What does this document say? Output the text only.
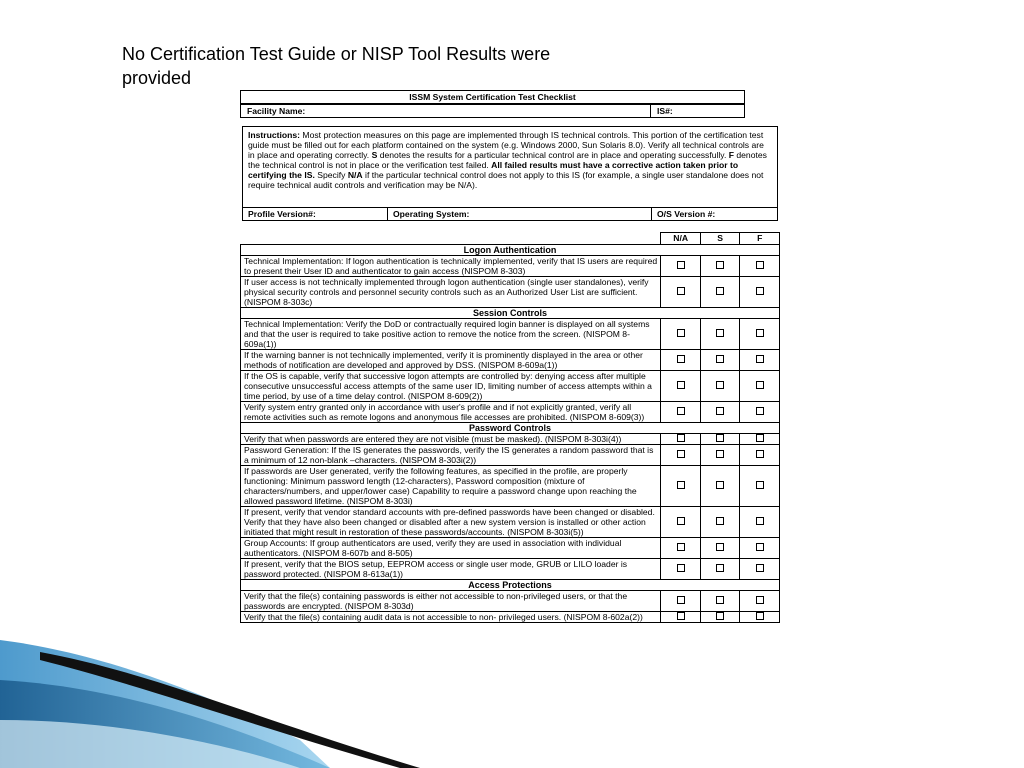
No Certification Test Guide or NISP Tool Results were provided
ISSM System Certification Test Checklist
Facility Name:	IS#:
Instructions: Most protection measures on this page are implemented through IS technical controls. This portion of the certification test guide must be filled out for each platform contained on the system (e.g. Windows 2000, Sun Solaris 8.0). Verify all technical controls are in place and operating correctly. S denotes the results for a particular technical control are in place and operating successfully. F denotes the technical control is not in place or the verification test failed. All failed results must have a corrective action taken prior to certifying the IS. Specify N/A if the particular technical control does not apply to this IS (for example, a single user standalone does not require technical audit controls and verification may be N/A).
Profile Version#:	Operating System:	O/S Version #:
	N/A	S	F
Logon Authentication			
Technical Implementation: If logon authentication is technically implemented, verify that IS users are required to present their User ID and authenticator to gain access (NISPOM 8-303)			
If user access is not technically implemented through logon authentication (single user standalones), verify physical security controls and personnel security controls such as an Authorized User List are sufficient. (NISPOM 8-303c)			
Session Controls			
Technical Implementation: Verify the DoD or contractually required login banner is displayed on all systems and that the user is required to take positive action to remove the notice from the screen. (NISPOM 8-609a(1))			
If the warning banner is not technically implemented, verify it is prominently displayed in the area or other methods of notification are developed and approved by DSS. (NISPOM 8-609a(1))			
If the OS is capable, verify that successive logon attempts are controlled by: denying access after multiple consecutive unsuccessful access attempts of the same user ID, limiting number of access attempts within a time period, by use of a time delay control. (NISPOM 8-609(2))			
Verify system entry granted only in accordance with user's profile and if not explicitly granted, verify all remote activities such as remote logons and anonymous file accesses are prohibited. (NISPOM 8-609(3))			
Password Controls			
Verify that when passwords are entered they are not visible (must be masked). (NISPOM 8-303i(4))			
Password Generation: If the IS generates the passwords, verify the IS generates a random password that is a minimum of 12 non-blank –characters. (NISPOM 8-303i(2))			
If passwords are User generated, verify the following features, as specified in the profile, are properly functioning: Minimum password length (12-characters), Password composition (mixture of characters/numbers, and upper/lower case) Capability to require a password change upon reaching the allowed password lifetime. (NISPOM 8-303i)			
If present, verify that vendor standard accounts with pre-defined passwords have been changed or disabled. Verify that they have also been changed or disabled after a new system version is installed or other action initiated that might result in restoration of these passwords/accounts. (NISPOM 8-303i(5))			
Group Accounts: If group authenticators are used, verify they are used in association with individual authenticators. (NISPOM 8-607b and 8-505)			
If present, verify that the BIOS setup, EEPROM access or single user mode, GRUB or LILO loader is password protected. (NISPOM 8-613a(1))			
Access Protections			
Verify that the file(s) containing passwords is either not accessible to non-privileged users, or that the passwords are encrypted. (NISPOM 8-303d)			
Verify that the file(s) containing audit data is not accessible to non- privileged users. (NISPOM 8-602a(2))			
